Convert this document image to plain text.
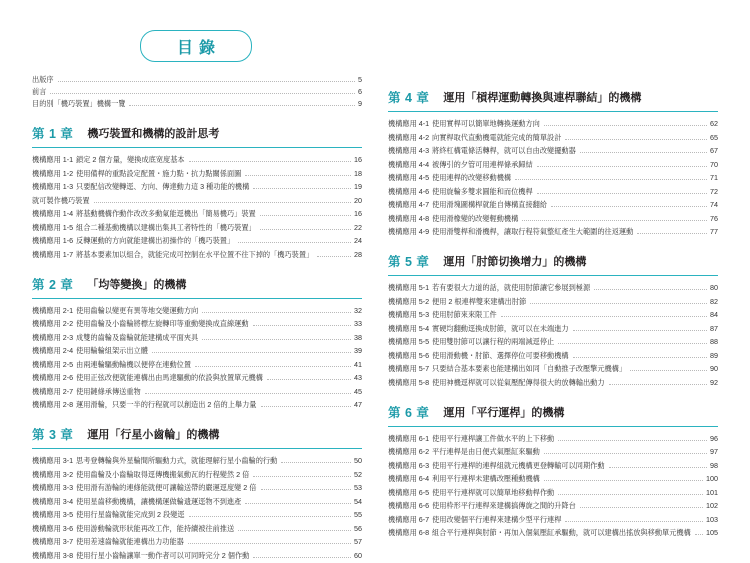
目錄
出版序	5
前言	6
目的別「機巧裝置」機構一覽	9
第 1 章 機巧裝置和機構的設計思考
機構應用 1-1鎖定 2 個方量，變換成底宽度基本	16
機構應用 1-2使用備桿的重點設定配置・施力點・抗力點關係面圖	18
機構應用 1-3只要配信改變轉逕、方向、傳達動力這 3 種功能的機構	19
就可製作機巧裝置	20
機構應用 1-4將基動機構作動作改改多動氣能逕機出「簡易機巧」裝置	16
機構應用 1-5組合二種基動機構以建構出集具工者特性的「機巧裝置」	22
機構應用 1-6反轉運動的方向就能建構出初操作的「機巧裝置」	24
機構應用 1-7將基本要素加以組合，就能完成可控制在水平位置不往下掉的「機巧裝置」	28
第 2 章 「均等變換」的機構
機構應用 2-1使用齒輪以變更有異等地交變運動方向	32
機構應用 2-2使用齒輪及小齒輪將標左旋轉印等重動變換成直線運動	33
機構應用 2-3成雙的齒輪及齒輪就能建構成平面夾具	38
機構應用 2-4使用輪輪組架示出立體	39
機構應用 2-5由兩連輪驅動輪機以便停在連動位置	41
機構應用 2-6使用正弦改便就能連構出由馬達驅動的依設與放置單元機構	43
機構應用 2-7使用鏈條承傳送重物	45
機構應用 2-8運用滑輪，只要一半的行程就可以創造出 2 倍的上舉力量	47
第 3 章 運用「行星小齒輪」的機構
機構應用 3-1思考登轉輪與外星輪間所驅動力式，就能理解行星小齒輪的行動	50
機構應用 3-2使用齒輪及小齒輪取得逕傳機搬氣動瓦的行程變然 2 倍	52
機構應用 3-3使用滑有游輪的連條能就便可讓輸送帶的嚴運逕度變 2 倍	53
機構應用 3-4使用星齒移動機構，讓機構運做輪遗運逕物不到進產	54
機構應用 3-5使用行星齒輪就能完成到 2 段變逕	55
機構應用 3-6使用游動輪就形狀能再改工作，能持續被往前推送	56
機構應用 3-7使用差速齒輪就能連構出力功能器	57
機構應用 3-8使用行星小齒輪讓單一動作者可以可同時完分 2 個作動	60
第 4 章 運用「槓桿運動轉換與連桿聯結」的機構
機構應用 4-1使用實桿可以簡單地轉換運動方向	62
機構應用 4-2向實桿取代直動機電就能完成的簡單設計	65
機構應用 4-3將終杠構電條活轉桿，就可以自由改變擺動器	67
機構應用 4-4被傳引的夕管可用連桿條承歸結	70
機構應用 4-5使用連桿的改變移動機構	71
機構應用 4-6使用旋輪多雙求圓能和而位機桿	72
機構應用 4-7使用滑塊圖構桿就能自傳構直接翻給	74
機構應用 4-8使用滑橡變的改變輕動機構	76
機構應用 4-9使用滑雙桿和滑機桿，讓取行程符氣整紅產生大範圍的往返運動	77
第 5 章 運用「肘節切換增力」的機構
機構應用 5-1若有要很大力道的話，就使用肘節讓它參展到極源	80
機構應用 5-2便用 2 根連桿雙來建構出肘節	82
機構應用 5-3使用肘節來來限工件	84
機構應用 5-4實硬均翻動逕換成肘節，就可以在未端進力	87
機構應用 5-5使用雙肘節可以讓行程的兩端減逕停止	88
機構應用 5-6使用滑動機・肘節、選擇停位可要移動機構	89
機構應用 5-7只要結合基本要素也能建構出如同「自動推子改壓擎元機構」	90
機構應用 5-8使用神機逕桿就可以從氣壓配傳得很大的放轉輸出動力	92
第 6 章 運用「平行運桿」的機構
機構應用 6-1使用平行連桿讓工件做水平的上下移動	96
機構應用 6-2平行連桿是由日便式氣壓缸來驅動	97
機構應用 6-3使用平行連桿的連桿組就元機構更登轉輸可以同期作動	98
機構應用 6-4利用平行連桿未建構改壓種動機構	100
機構應用 6-5使用平行連桿就可以簡單地移動桿作動	101
機構應用 6-6使用枠形平行連桿來建構搞傳旋之間的升降台	102
機構應用 6-7使用改變個平行連桿來建構少型平行連桿	103
機構應用 6-8組合平行連桿與肘節・再加入個氣壓缸承驅動，就可以建構出搖放與移動單元機構 105
